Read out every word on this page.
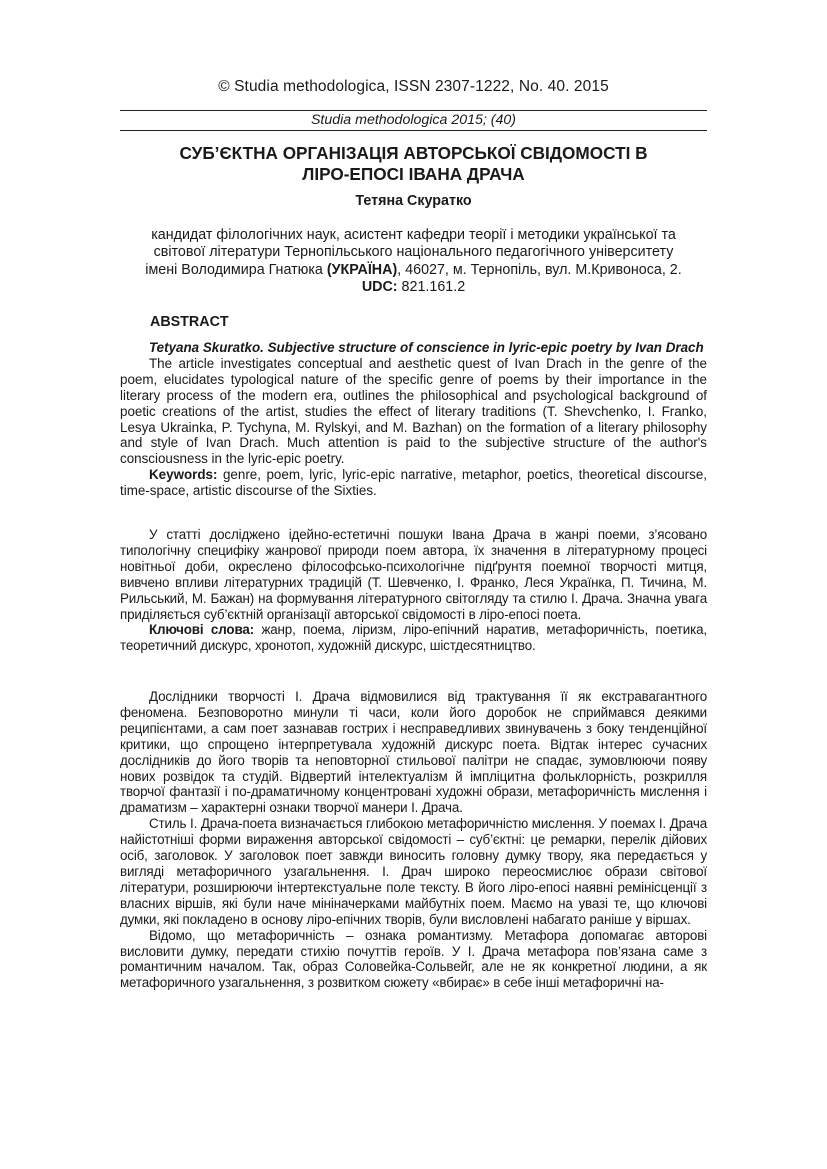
© Studia methodologica, ISSN 2307-1222, No. 40. 2015
Studia methodologica 2015; (40)
СУБ’ЄКТНА ОРГАНІЗАЦІЯ АВТОРСЬКОЇ СВІДОМОСТІ В
ЛІРО-ЕПОСІ ІВАНА ДРАЧА
Тетяна Скуратко
кандидат філологічних наук, асистент кафедри теорії і методики української та
світової літератури Тернопільського національного педагогічного університету
імені Володимира Гнатюка (УКРАЇНА), 46027, м. Тернопіль, вул. М.Кривоноса, 2.
UDC: 821.161.2
ABSTRACT

Tetyana Skuratko. Subjective structure of conscience in lyric-epic poetry by Ivan Drach

The article investigates conceptual and aesthetic quest of Ivan Drach in the genre of the poem, elucidates typological nature of the specific genre of poems by their importance in the literary process of the modern era, outlines the philosophical and psychological background of poetic creations of the artist, studies the effect of literary traditions (T. Shevchenko, I. Franko, Lesya Ukrainka, P. Tychyna, M. Rylskyi, and M. Bazhan) on the formation of a literary philosophy and style of Ivan Drach. Much attention is paid to the subjective structure of the author's consciousness in the lyric-epic poetry.

Keywords: genre, poem, lyric, lyric-epic narrative, metaphor, poetics, theoretical discourse, time-space, artistic discourse of the Sixties.

У статті досліджено ідейно-естетичні пошуки Івана Драча в жанрі поеми, з’ясовано типологічну специфіку жанрової природи поем автора, їх значення в літературному процесі новітньої доби, окреслено філософсько-психологічне підґрунтя поемної творчості митця, вивчено впливи літературних традицій (Т. Шевченко, І. Франко, Леся Українка, П. Тичина, М. Рильський, М. Бажан) на формування літературного світогляду та стилю І. Драча. Значна увага приділяється суб’єктній організації авторської свідомості в ліро-епосі поета.

Ключові слова: жанр, поема, ліризм, ліро-епічний наратив, метафоричність, поетика, теоретичний дискурс, хронотоп, художній дискурс, шістдесятництво.

Дослідники творчості І. Драча відмовилися від трактування її як екстравагантного феномена. Безповоротно минули ті часи, коли його доробок не сприймався деякими реципієнтами, а сам поет зазнавав гострих і несправедливих звинувачень з боку тенденційної критики, що спрощено інтерпретувала художній дискурс поета. Відтак інтерес сучасних дослідників до його творів та неповторної стильової палітри не спадає, зумовлюючи появу нових розвідок та студій. Відвертий інтелектуалізм й імпліцитна фольклорність, розкрилля творчої фантазії і по-драматичному концентровані художні образи, метафоричність мислення і драматизм – характерні ознаки творчої манери І. Драча.

Стиль І. Драча-поета визначається глибокою метафоричністю мислення. У поемах І. Драча найістотніші форми вираження авторської свідомості – суб’єктні: це ремарки, перелік дійових осіб, заголовок. У заголовок поет завжди виносить головну думку твору, яка передається у вигляді метафоричного узагальнення. І. Драч широко переосмислює образи світової літератури, розширюючи інтертекстуальне поле тексту. В його ліро-епосі наявні ремінісценції з власних віршів, які були наче мініначерками майбутніх поем. Маємо на увазі те, що ключові думки, які покладено в основу ліро-епічних творів, були висловлені набагато раніше у віршах.

Відомо, що метафоричність – ознака романтизму. Метафора допомагає авторові висловити думку, передати стихію почуттів героїв. У І. Драча метафора пов’язана саме з романтичним началом. Так, образ Соловейка-Сольвейг, але не як конкретної людини, а як метафоричного узагальнення, з розвитком сюжету «вбирає» в себе інші метафоричні на-
